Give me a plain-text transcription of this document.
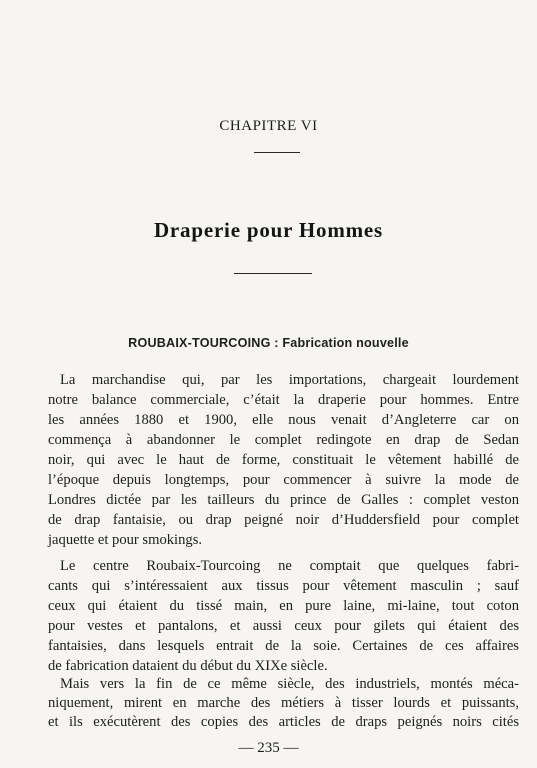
CHAPITRE VI
Draperie pour Hommes
ROUBAIX-TOURCOING : Fabrication nouvelle
La marchandise qui, par les importations, chargeait lourdement
notre balance commerciale, c’était la draperie pour hommes. Entre
les années 1880 et 1900, elle nous venait d’Angleterre car on
commença à abandonner le complet redingote en drap de Sedan
noir, qui avec le haut de forme, constituait le vêtement habillé de
l’époque depuis longtemps, pour commencer à suivre la mode de
Londres dictée par les tailleurs du prince de Galles : complet veston
de drap fantaisie, ou drap peigné noir d’Huddersfield pour complet
jaquette et pour smokings.
Le centre Roubaix-Tourcoing ne comptait que quelques fabri-
cants qui s’intéressaient aux tissus pour vêtement masculin ; sauf
ceux qui étaient du tissé main, en pure laine, mi-laine, tout coton
pour vestes et pantalons, et aussi ceux pour gilets qui étaient des
fantaisies, dans lesquels entrait de la soie. Certaines de ces affaires
de fabrication dataient du début du XIXe siècle.
Mais vers la fin de ce même siècle, des industriels, montés méca-
niquement, mirent en marche des métiers à tisser lourds et puissants,
et ils exécutèrent des copies des articles de draps peignés noirs cités
— 235 —
